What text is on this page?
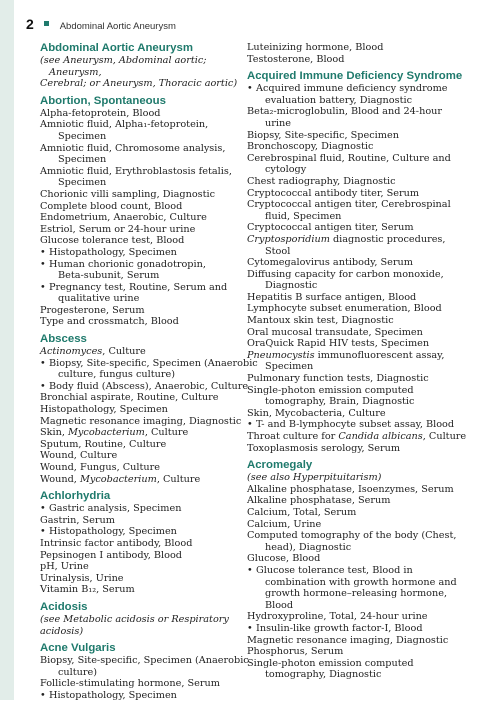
2	Abdominal Aortic Aneurysm
Abdominal Aortic Aneurysm
(see Aneurysm, Abdominal aortic; Aneurysm,
Cerebral; or Aneurysm, Thoracic aortic)
Abortion, Spontaneous
Alpha-fetoprotein, Blood
Amniotic fluid, Alpha₁-fetoprotein,
Specimen
Amniotic fluid, Chromosome analysis,
Specimen
Amniotic fluid, Erythroblastosis fetalis,
Specimen
Chorionic villi sampling, Diagnostic
Complete blood count, Blood
Endometrium, Anaerobic, Culture
Estriol, Serum or 24-hour urine
Glucose tolerance test, Blood
• Histopathology, Specimen
• Human chorionic gonadotropin,
Beta-subunit, Serum
• Pregnancy test, Routine, Serum and
qualitative urine
Progesterone, Serum
Type and crossmatch, Blood
Abscess
Actinomyces, Culture
• Biopsy, Site-specific, Specimen (Anaerobic
culture, fungus culture)
• Body fluid (Abscess), Anaerobic, Culture
Bronchial aspirate, Routine, Culture
Histopathology, Specimen
Magnetic resonance imaging, Diagnostic
Skin, Mycobacterium, Culture
Sputum, Routine, Culture
Wound, Culture
Wound, Fungus, Culture
Wound, Mycobacterium, Culture
Achlorhydria
• Gastric analysis, Specimen
Gastrin, Serum
• Histopathology, Specimen
Intrinsic factor antibody, Blood
Pepsinogen I antibody, Blood
pH, Urine
Urinalysis, Urine
Vitamin B₁₂, Serum
Acidosis
(see Metabolic acidosis or Respiratory
acidosis)
Acne Vulgaris
Biopsy, Site-specific, Specimen (Anaerobic
culture)
Follicle-stimulating hormone, Serum
• Histopathology, Specimen
Luteinizing hormone, Blood
Testosterone, Blood
Acquired Immune Deficiency Syndrome
• Acquired immune deficiency syndrome
evaluation battery, Diagnostic
Beta₂-microglobulin, Blood and 24-hour
urine
Biopsy, Site-specific, Specimen
Bronchoscopy, Diagnostic
Cerebrospinal fluid, Routine, Culture and
cytology
Chest radiography, Diagnostic
Cryptococcal antibody titer, Serum
Cryptococcal antigen titer, Cerebrospinal
fluid, Specimen
Cryptococcal antigen titer, Serum
Cryptosporidium diagnostic procedures,
Stool
Cytomegalovirus antibody, Serum
Diffusing capacity for carbon monoxide,
Diagnostic
Hepatitis B surface antigen, Blood
Lymphocyte subset enumeration, Blood
Mantoux skin test, Diagnostic
Oral mucosal transudate, Specimen
OraQuick Rapid HIV tests, Specimen
Pneumocystis immunofluorescent assay,
Specimen
Pulmonary function tests, Diagnostic
Single-photon emission computed
tomography, Brain, Diagnostic
Skin, Mycobacteria, Culture
• T- and B-lymphocyte subset assay, Blood
Throat culture for Candida albicans, Culture
Toxoplasmosis serology, Serum
Acromegaly
(see also Hyperpituitarism)
Alkaline phosphatase, Isoenzymes, Serum
Alkaline phosphatase, Serum
Calcium, Total, Serum
Calcium, Urine
Computed tomography of the body (Chest,
head), Diagnostic
Glucose, Blood
• Glucose tolerance test, Blood in
combination with growth hormone and
growth hormone–releasing hormone,
Blood
Hydroxyproline, Total, 24-hour urine
• Insulin-like growth factor-I, Blood
Magnetic resonance imaging, Diagnostic
Phosphorus, Serum
Single-photon emission computed
tomography, Diagnostic
